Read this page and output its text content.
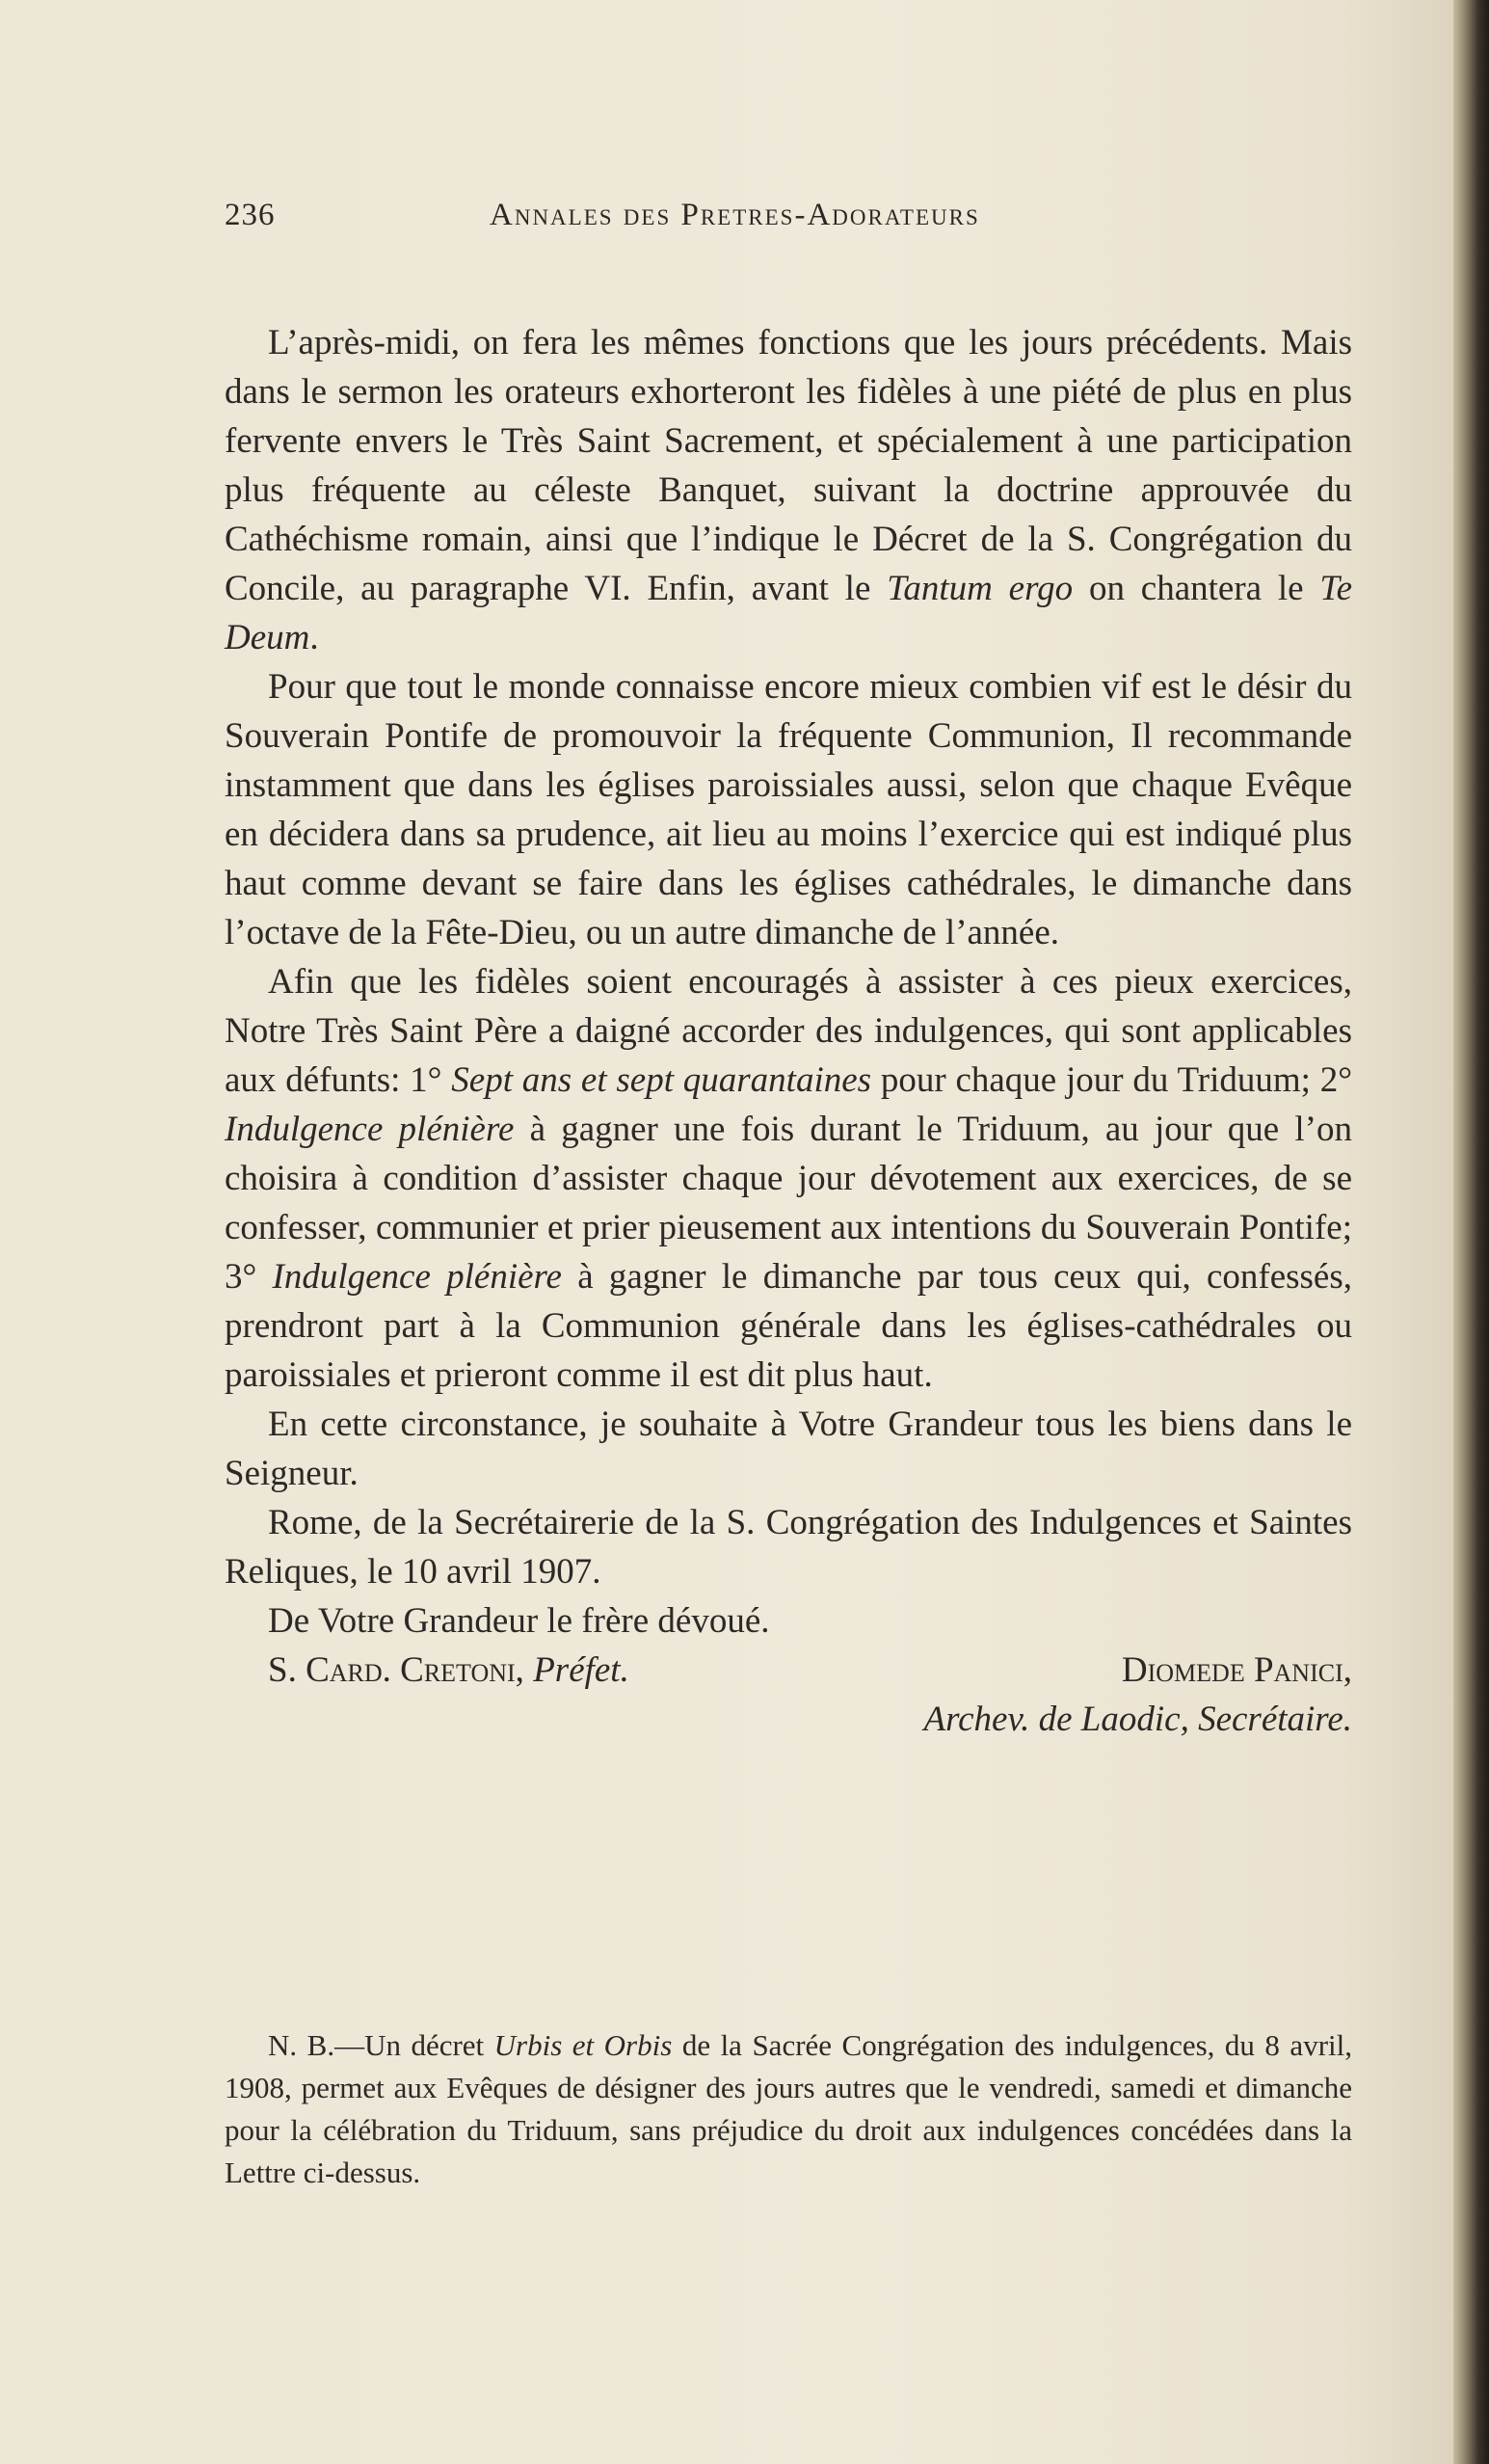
236	Annales des Pretres-Adorateurs

L’après-midi, on fera les mêmes fonctions que les jours précédents. Mais dans le sermon les orateurs exhorteront les fidèles à une piété de plus en plus fervente envers le Très Saint Sacrement, et spécialement à une participation plus fréquente au céleste Banquet, suivant la doctrine approuvée du Cathéchisme romain, ainsi que l’indique le Décret de la S. Congrégation du Concile, au paragraphe VI. Enfin, avant le Tantum ergo on chantera le Te Deum.

Pour que tout le monde connaisse encore mieux combien vif est le désir du Souverain Pontife de promouvoir la fréquente Communion, Il recommande instamment que dans les églises paroissiales aussi, selon que chaque Evêque en décidera dans sa prudence, ait lieu au moins l’exercice qui est indiqué plus haut comme devant se faire dans les églises cathédrales, le dimanche dans l’octave de la Fête-Dieu, ou un autre dimanche de l’année.

Afin que les fidèles soient encouragés à assister à ces pieux exercices, Notre Très Saint Père a daigné accorder des indulgences, qui sont applicables aux défunts: 1° Sept ans et sept quarantaines pour chaque jour du Triduum; 2° Indulgence plénière à gagner une fois durant le Triduum, au jour que l’on choisira à condition d’assister chaque jour dévotement aux exercices, de se confesser, communier et prier pieusement aux intentions du Souverain Pontife; 3° Indulgence plénière à gagner le dimanche par tous ceux qui, confessés, prendront part à la Communion générale dans les églises-cathédrales ou paroissiales et prieront comme il est dit plus haut.

En cette circonstance, je souhaite à Votre Grandeur tous les biens dans le Seigneur.

Rome, de la Secrétairerie de la S. Congrégation des Indulgences et Saintes Reliques, le 10 avril 1907.

De Votre Grandeur le frère dévoué.

S. Card. Cretoni, Préfet.	Diomede Panici,
Archev. de Laodic, Secrétaire.

N. B.—Un décret Urbis et Orbis de la Sacrée Congrégation des indulgences, du 8 avril, 1908, permet aux Evêques de désigner des jours autres que le vendredi, samedi et dimanche pour la célébration du Triduum, sans préjudice du droit aux indulgences concédées dans la Lettre ci-dessus.
